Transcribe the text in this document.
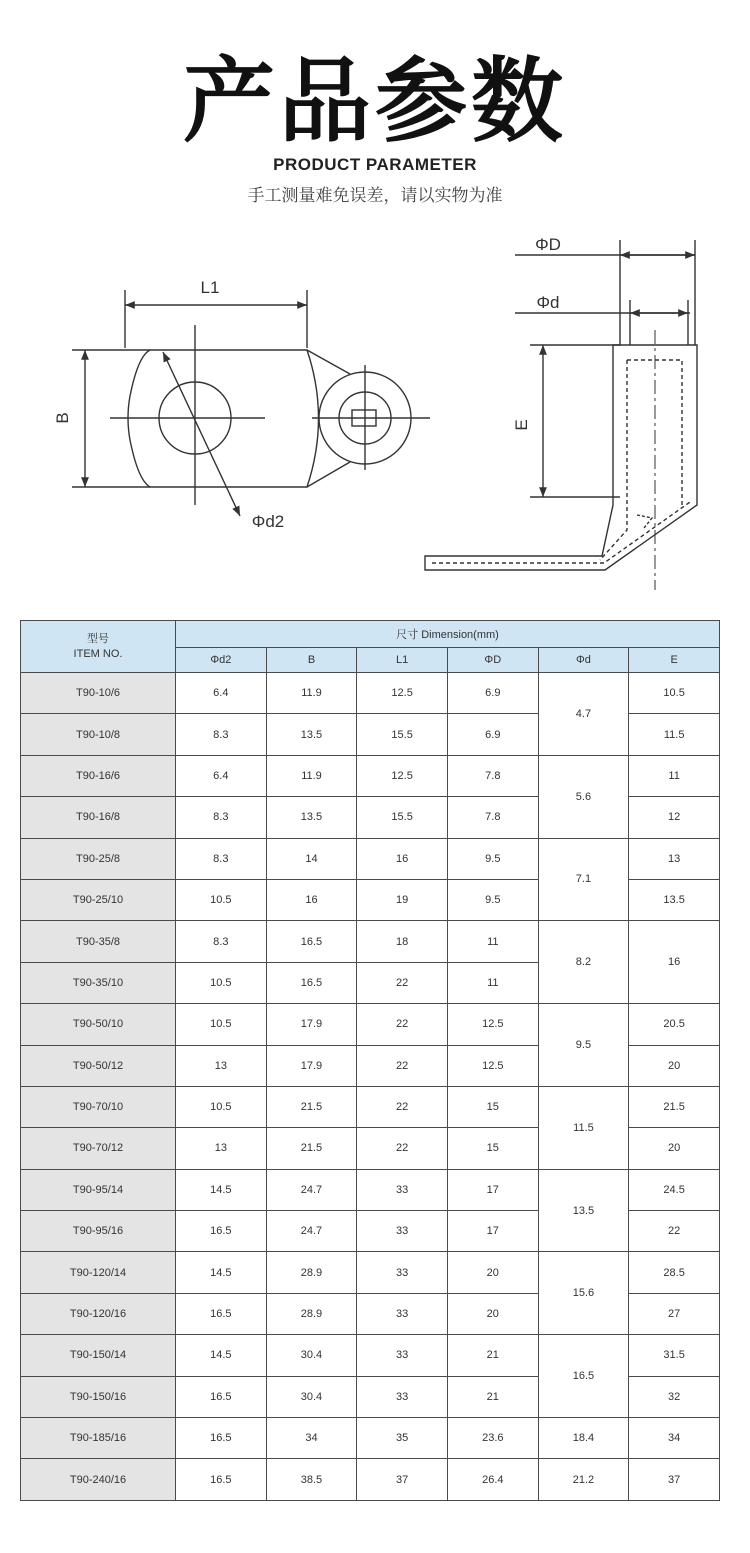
产品参数
PRODUCT PARAMETER
手工测量难免误差，请以实物为准
L1
B
Φd2
ΦD
Φd
E
型号
ITEM NO.	尺寸 Dimension(mm)					
	Φd2	B	L1	ΦD	Φd	E
T90-10/6	6.4	11.9	12.5	6.9	4.7	10.5
T90-10/8	8.3	13.5	15.5	6.9		11.5
T90-16/6	6.4	11.9	12.5	7.8	5.6	11
T90-16/8	8.3	13.5	15.5	7.8		12
T90-25/8	8.3	14	16	9.5	7.1	13
T90-25/10	10.5	16	19	9.5		13.5
T90-35/8	8.3	16.5	18	11	8.2	16
T90-35/10	10.5	16.5	22	11		
T90-50/10	10.5	17.9	22	12.5	9.5	20.5
T90-50/12	13	17.9	22	12.5		20
T90-70/10	10.5	21.5	22	15	11.5	21.5
T90-70/12	13	21.5	22	15		20
T90-95/14	14.5	24.7	33	17	13.5	24.5
T90-95/16	16.5	24.7	33	17		22
T90-120/14	14.5	28.9	33	20	15.6	28.5
T90-120/16	16.5	28.9	33	20		27
T90-150/14	14.5	30.4	33	21	16.5	31.5
T90-150/16	16.5	30.4	33	21		32
T90-185/16	16.5	34	35	23.6	18.4	34
T90-240/16	16.5	38.5	37	26.4	21.2	37
